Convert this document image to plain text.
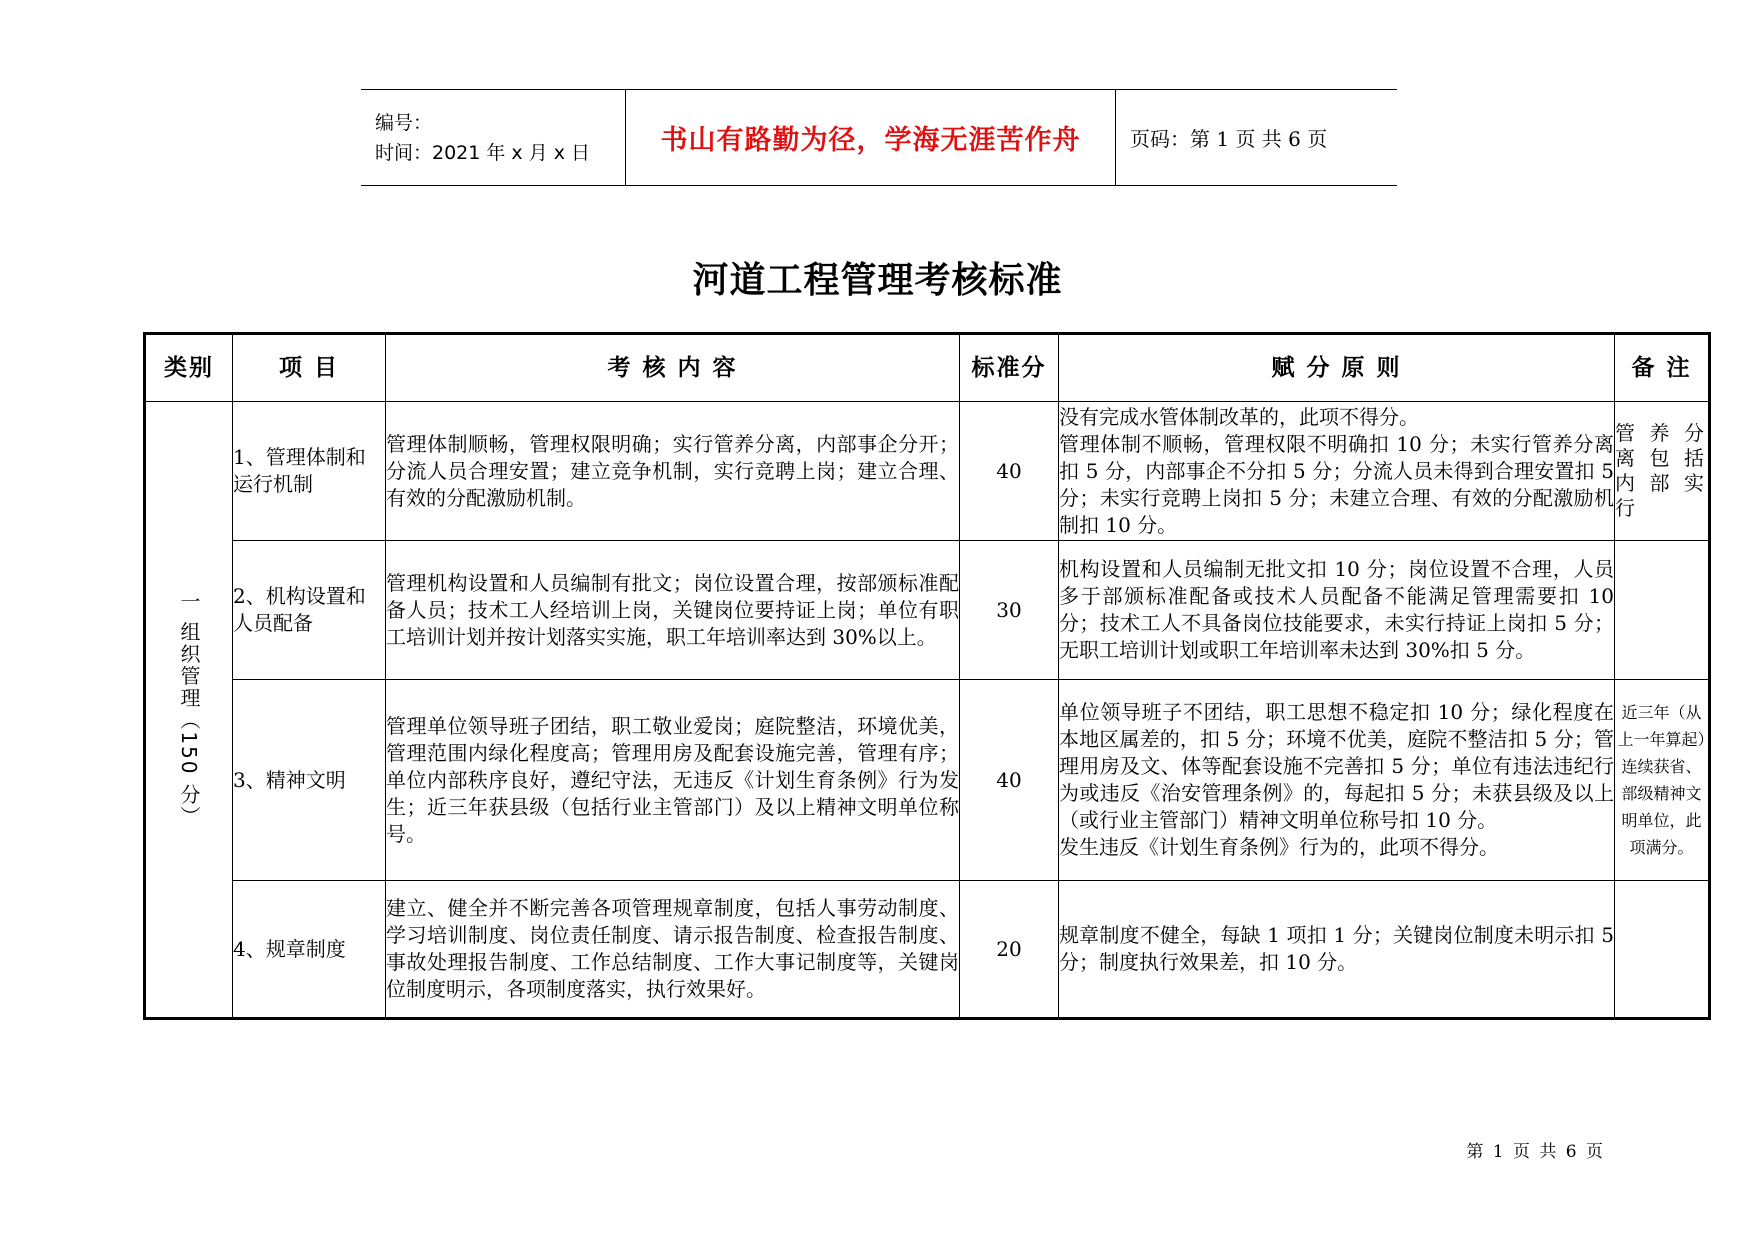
编号：
时间：2021 年 x 月 x 日	书山有路勤为径，学海无涯苦作舟	页码：第 1 页 共 6 页
河道工程管理考核标准
类别	项 目	考 核 内 容	标准分	赋 分 原 则	备 注

一 组织管理（150 分）	1、管理体制和运行机制	管理体制顺畅，管理权限明确；实行管养分离，内部事企分开；分流人员合理安置；建立竞争机制，实行竞聘上岗；建立合理、有效的分配激励机制。	40	没有完成水管体制改革的，此项不得分。
管理体制不顺畅，管理权限不明确扣 10 分；未实行管养分离扣 5 分，内部事企不分扣 5 分；分流人员未得到合理安置扣 5 分；未实行竞聘上岗扣 5 分；未建立合理、有效的分配激励机制扣 10 分。	管养分离包括内部实行

	2、机构设置和人员配备	管理机构设置和人员编制有批文；岗位设置合理，按部颁标准配备人员；技术工人经培训上岗，关键岗位要持证上岗；单位有职工培训计划并按计划落实实施，职工年培训率达到 30%以上。	30	机构设置和人员编制无批文扣 10 分；岗位设置不合理，人员多于部颁标准配备或技术人员配备不能满足管理需要扣 10 分；技术工人不具备岗位技能要求，未实行持证上岗扣 5 分；无职工培训计划或职工年培训率未达到 30%扣 5 分。	

	3、精神文明	管理单位领导班子团结，职工敬业爱岗；庭院整洁，环境优美，管理范围内绿化程度高；管理用房及配套设施完善，管理有序；单位内部秩序良好，遵纪守法，无违反《计划生育条例》行为发生；近三年获县级（包括行业主管部门）及以上精神文明单位称号。	40	单位领导班子不团结，职工思想不稳定扣 10 分；绿化程度在本地区属差的，扣 5 分；环境不优美，庭院不整洁扣 5 分；管理用房及文、体等配套设施不完善扣 5 分；单位有违法违纪行为或违反《治安管理条例》的，每起扣 5 分；未获县级及以上（或行业主管部门）精神文明单位称号扣 10 分。
发生违反《计划生育条例》行为的，此项不得分。	近三年（从上一年算起）连续获省、部级精神文明单位，此项满分。

	4、规章制度	建立、健全并不断完善各项管理规章制度，包括人事劳动制度、学习培训制度、岗位责任制度、请示报告制度、检查报告制度、事故处理报告制度、工作总结制度、工作大事记制度等，关键岗位制度明示，各项制度落实，执行效果好。	20	规章制度不健全，每缺 1 项扣 1 分；关键岗位制度未明示扣 5 分；制度执行效果差，扣 10 分。	

第 1 页 共 6 页
